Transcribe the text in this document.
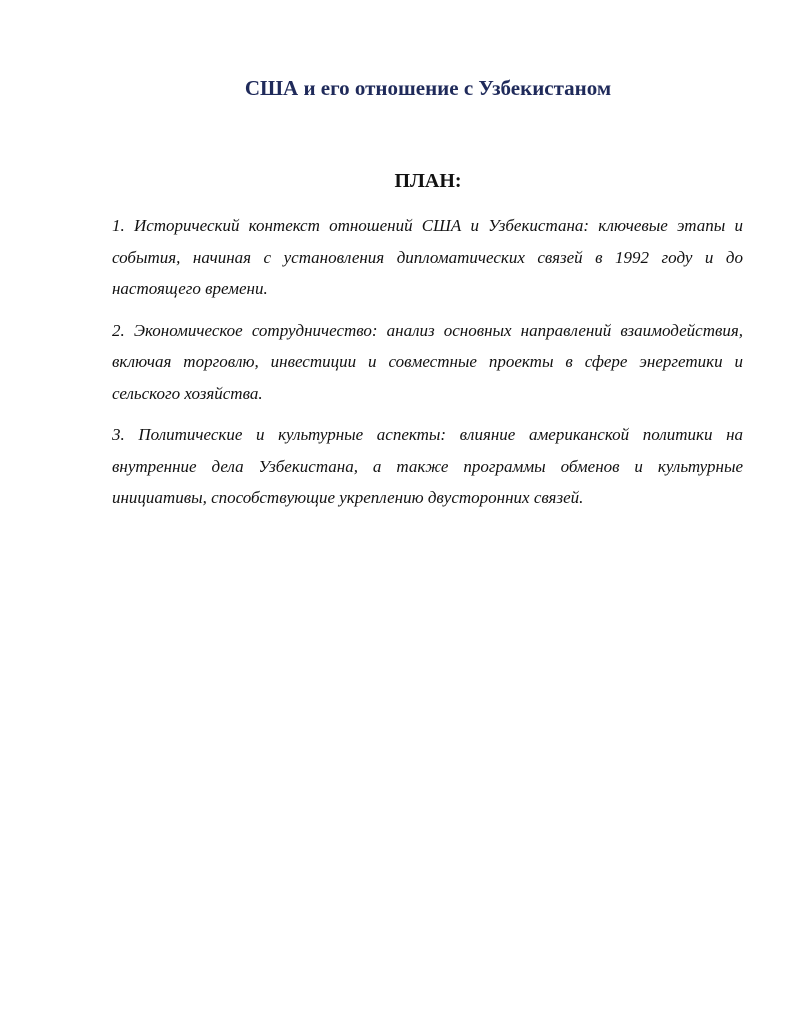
США и его отношение с Узбекистаном
ПЛАН:
1. Исторический контекст отношений США и Узбекистана: ключевые этапы и события, начиная с установления дипломатических связей в 1992 году и до настоящего времени.
2. Экономическое сотрудничество: анализ основных направлений взаимодействия, включая торговлю, инвестиции и совместные проекты в сфере энергетики и сельского хозяйства.
3. Политические и культурные аспекты: влияние американской политики на внутренние дела Узбекистана, а также программы обменов и культурные инициативы, способствующие укреплению двусторонних связей.
